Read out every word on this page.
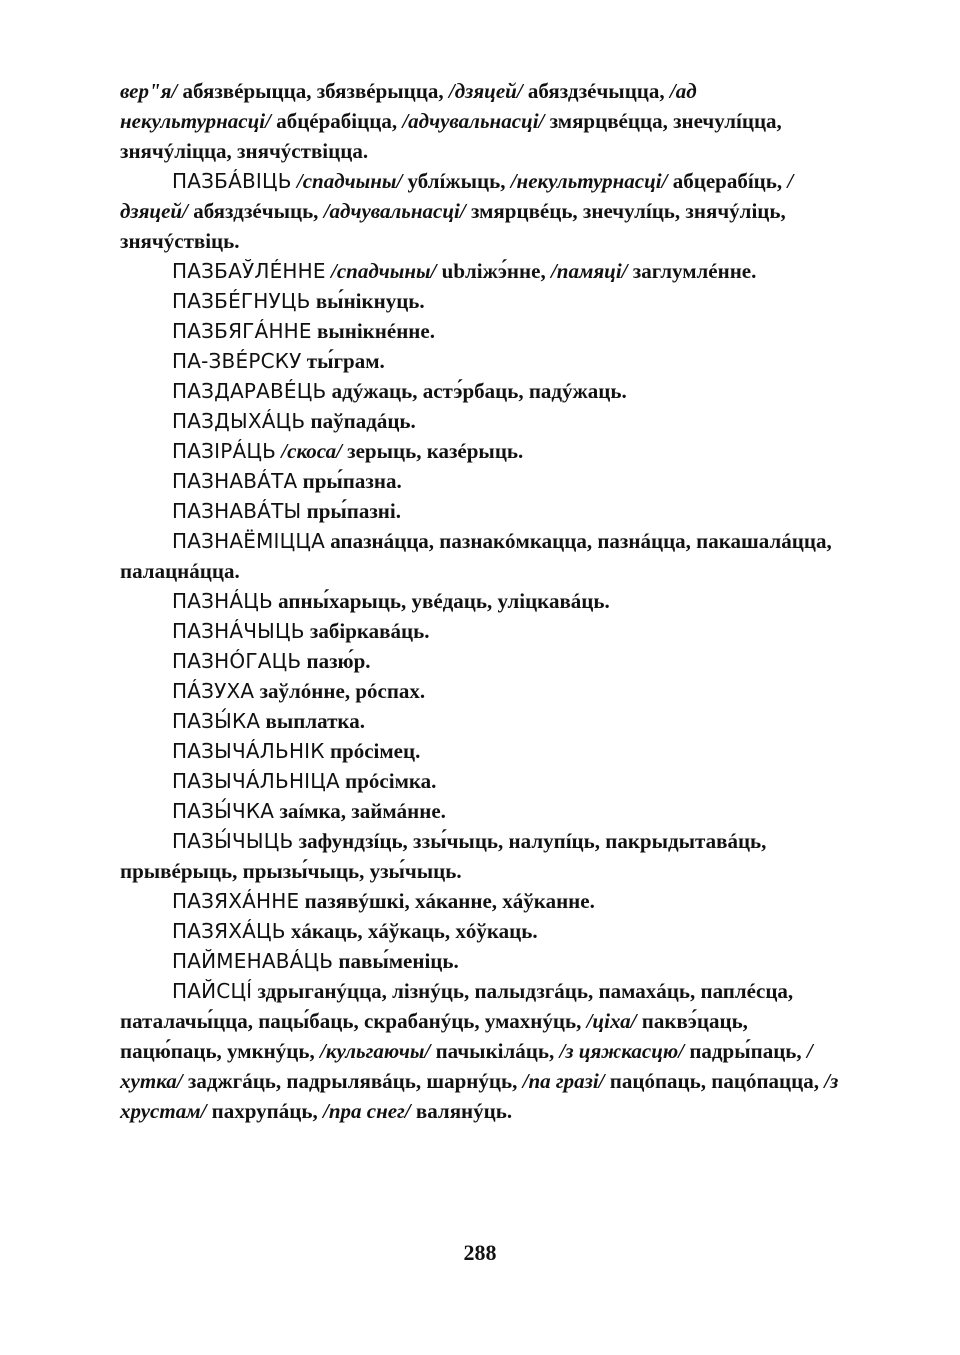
вер"я/ абязвéрыцца, збязвéрыцца, /дзяцей/ абяздзéчыцца, /ад некультурнасці/ абцéрабіцца, /адчувальнасці/ змярцвéцца, знечулíцца, знячýліцца, знячýствіцца.

ПАЗБÁВІЦЬ /спадчыны/ ублíжыць, /некультурнасці/ абцерабíць, /дзяцей/ абяздзéчыць, /адчувальнасці/ змярцвéць, знечулíць, знячýліць, знячýствіць.

ПАЗБАЎЛÉННЕ /спадчыны/ ubліжэ́нне, /памяці/ заглумлéнне.

ПАЗБÉГНУЦЬ вы́нікнуць.

ПАЗБЯГÁННЕ вынікнéнне.

ПА-ЗВÉРСКУ ты́грам.

ПАЗДАРАВÉЦЬ адýжаць, астэ́рбаць, падýжаць.

ПАЗДЫХÁЦЬ паўпадáць.

ПАЗІРÁЦЬ /скоса/ зерыць, казéрыць.

ПАЗНАВÁТА пры́пазна.

ПАЗНАВÁТЫ пры́пазні.

ПАЗНАЁМІЦЦА апазнáцца, пазнакóмкацца, пазнáцца, пакашалáцца, палацнáцца.

ПАЗНÁЦЬ апны́харыць, увéдаць, уліцкавáць.

ПАЗНÁЧЫЦЬ забіркавáць.

ПАЗНÓГАЦЬ пазю́р.

ПÁЗУХА заўлóнне, рóспах.

ПАЗЫ́КА выплатка.

ПАЗЫЧÁЛЬНІК прóсімец.

ПАЗЫЧÁЛЬНІЦА прóсімка.

ПАЗЫ́ЧКА заíмка, займáнне.

ПАЗЫ́ЧЫЦЬ зафундзíць, ззы́чыць, налупíць, пакрыдытавáць, прывéрыць, прызы́чыць, узы́чыць.

ПАЗЯХÁННЕ пазявýшкі, хáканне, хáўканне.

ПАЗЯХÁЦЬ хáкаць, хáўкаць, хóўкаць.

ПАЙМЕНАВÁЦЬ павы́меніць.

ПАЙСЦÍ здрыганýцца, лізнýць, палыдзгáць, памахáць, паплéсца, паталачы́цца, пацы́баць, скрабанýць, умахнýць, /ціха/ паквэ́цаць, пацю́паць, умкнýць, /кульгаючы/ пачыкілáць, /з цяжкасцю/ падры́паць, /хутка/ заджгáць, падрылявáць, шарнýць, /па гразі/ пацóпаць, пацóпацца, /з хрустам/ пахрупáць, /пра снег/ валянýць.

288
